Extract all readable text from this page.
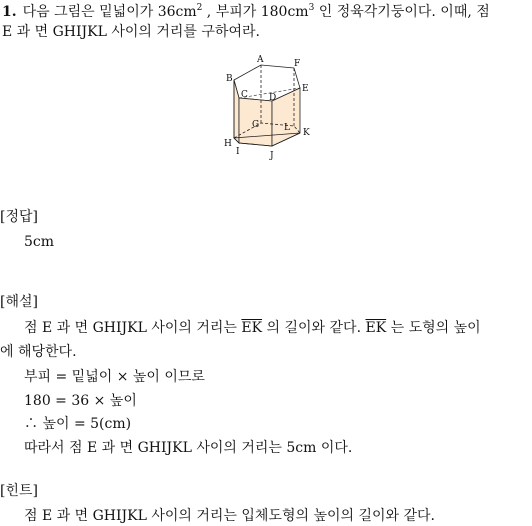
1. 다음 그림은 밑넓이가 $36cm^2$ , 부피가 $180cm^3$ 인 정육각기둥이다. 이때, 점
E 과 면 GHIJKL 사이의 거리를 구하여라.
A
B
C D
E
F
G
H
I	J
K
L
[정답]
5cm
[해설]
점 E 과 면 GHIJKL 사이의 거리는 $\overline{EK}$ 의 길이와 같다. $\overline{EK}$ 는 도형의 높이
에 해당한다.
부피 = 밑넓이 × 높이 이므로
180 = 36 × 높이
∴ 높이 = 5(cm)
따라서 점 E 과 면 GHIJKL 사이의 거리는 5cm 이다.
[힌트]
점 E 과 면 GHIJKL 사이의 거리는 입체도형의 높이의 길이와 같다.
